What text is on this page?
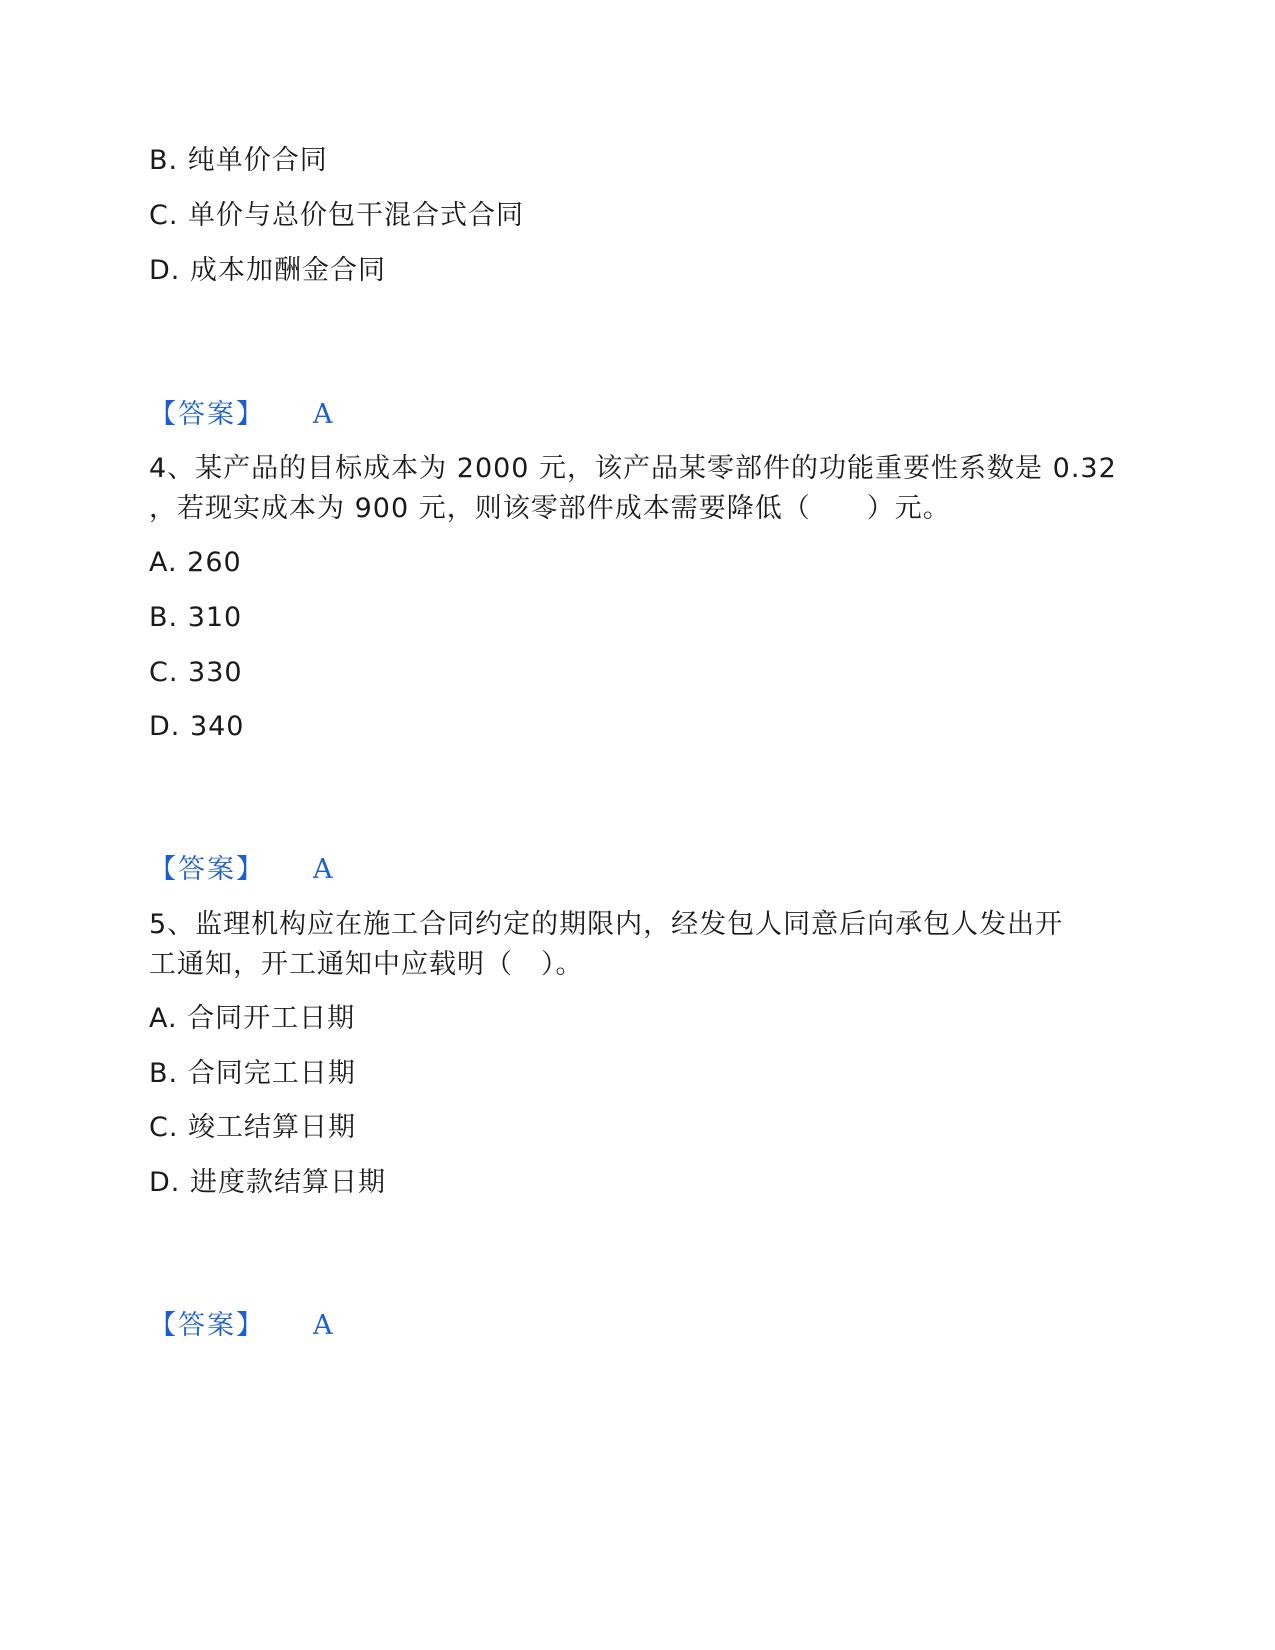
B. 纯单价合同
C. 单价与总价包干混合式合同
D. 成本加酬金合同
【答案】 A
4、某产品的目标成本为 2000 元，该产品某零部件的功能重要性系数是 0.32
，若现实成本为 900 元，则该零部件成本需要降低（　　）元。
A. 260
B. 310
C. 330
D. 340
【答案】 A
5、监理机构应在施工合同约定的期限内，经发包人同意后向承包人发出开
工通知，开工通知中应载明（　）。
A. 合同开工日期
B. 合同完工日期
C. 竣工结算日期
D. 进度款结算日期
【答案】 A
